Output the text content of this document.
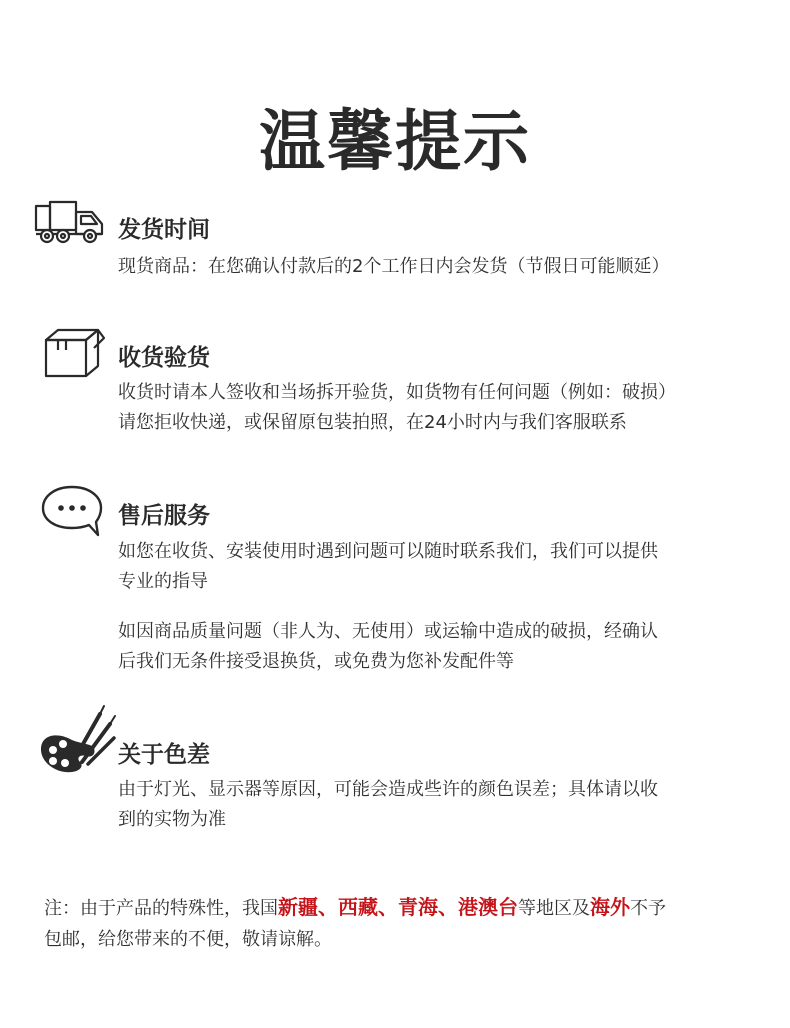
温馨提示
发货时间
现货商品：在您确认付款后的2个工作日内会发货（节假日可能顺延）
收货验货
收货时请本人签收和当场拆开验货，如货物有任何问题（例如：破损）
请您拒收快递，或保留原包装拍照，在24小时内与我们客服联系
售后服务
如您在收货、安装使用时遇到问题可以随时联系我们，我们可以提供
专业的指导
如因商品质量问题（非人为、无使用）或运输中造成的破损，经确认
后我们无条件接受退换货，或免费为您补发配件等
关于色差
由于灯光、显示器等原因，可能会造成些许的颜色误差；具体请以收
到的实物为准
注：由于产品的特殊性，我国新疆、西藏、青海、港澳台等地区及海外不予
包邮，给您带来的不便，敬请谅解。
